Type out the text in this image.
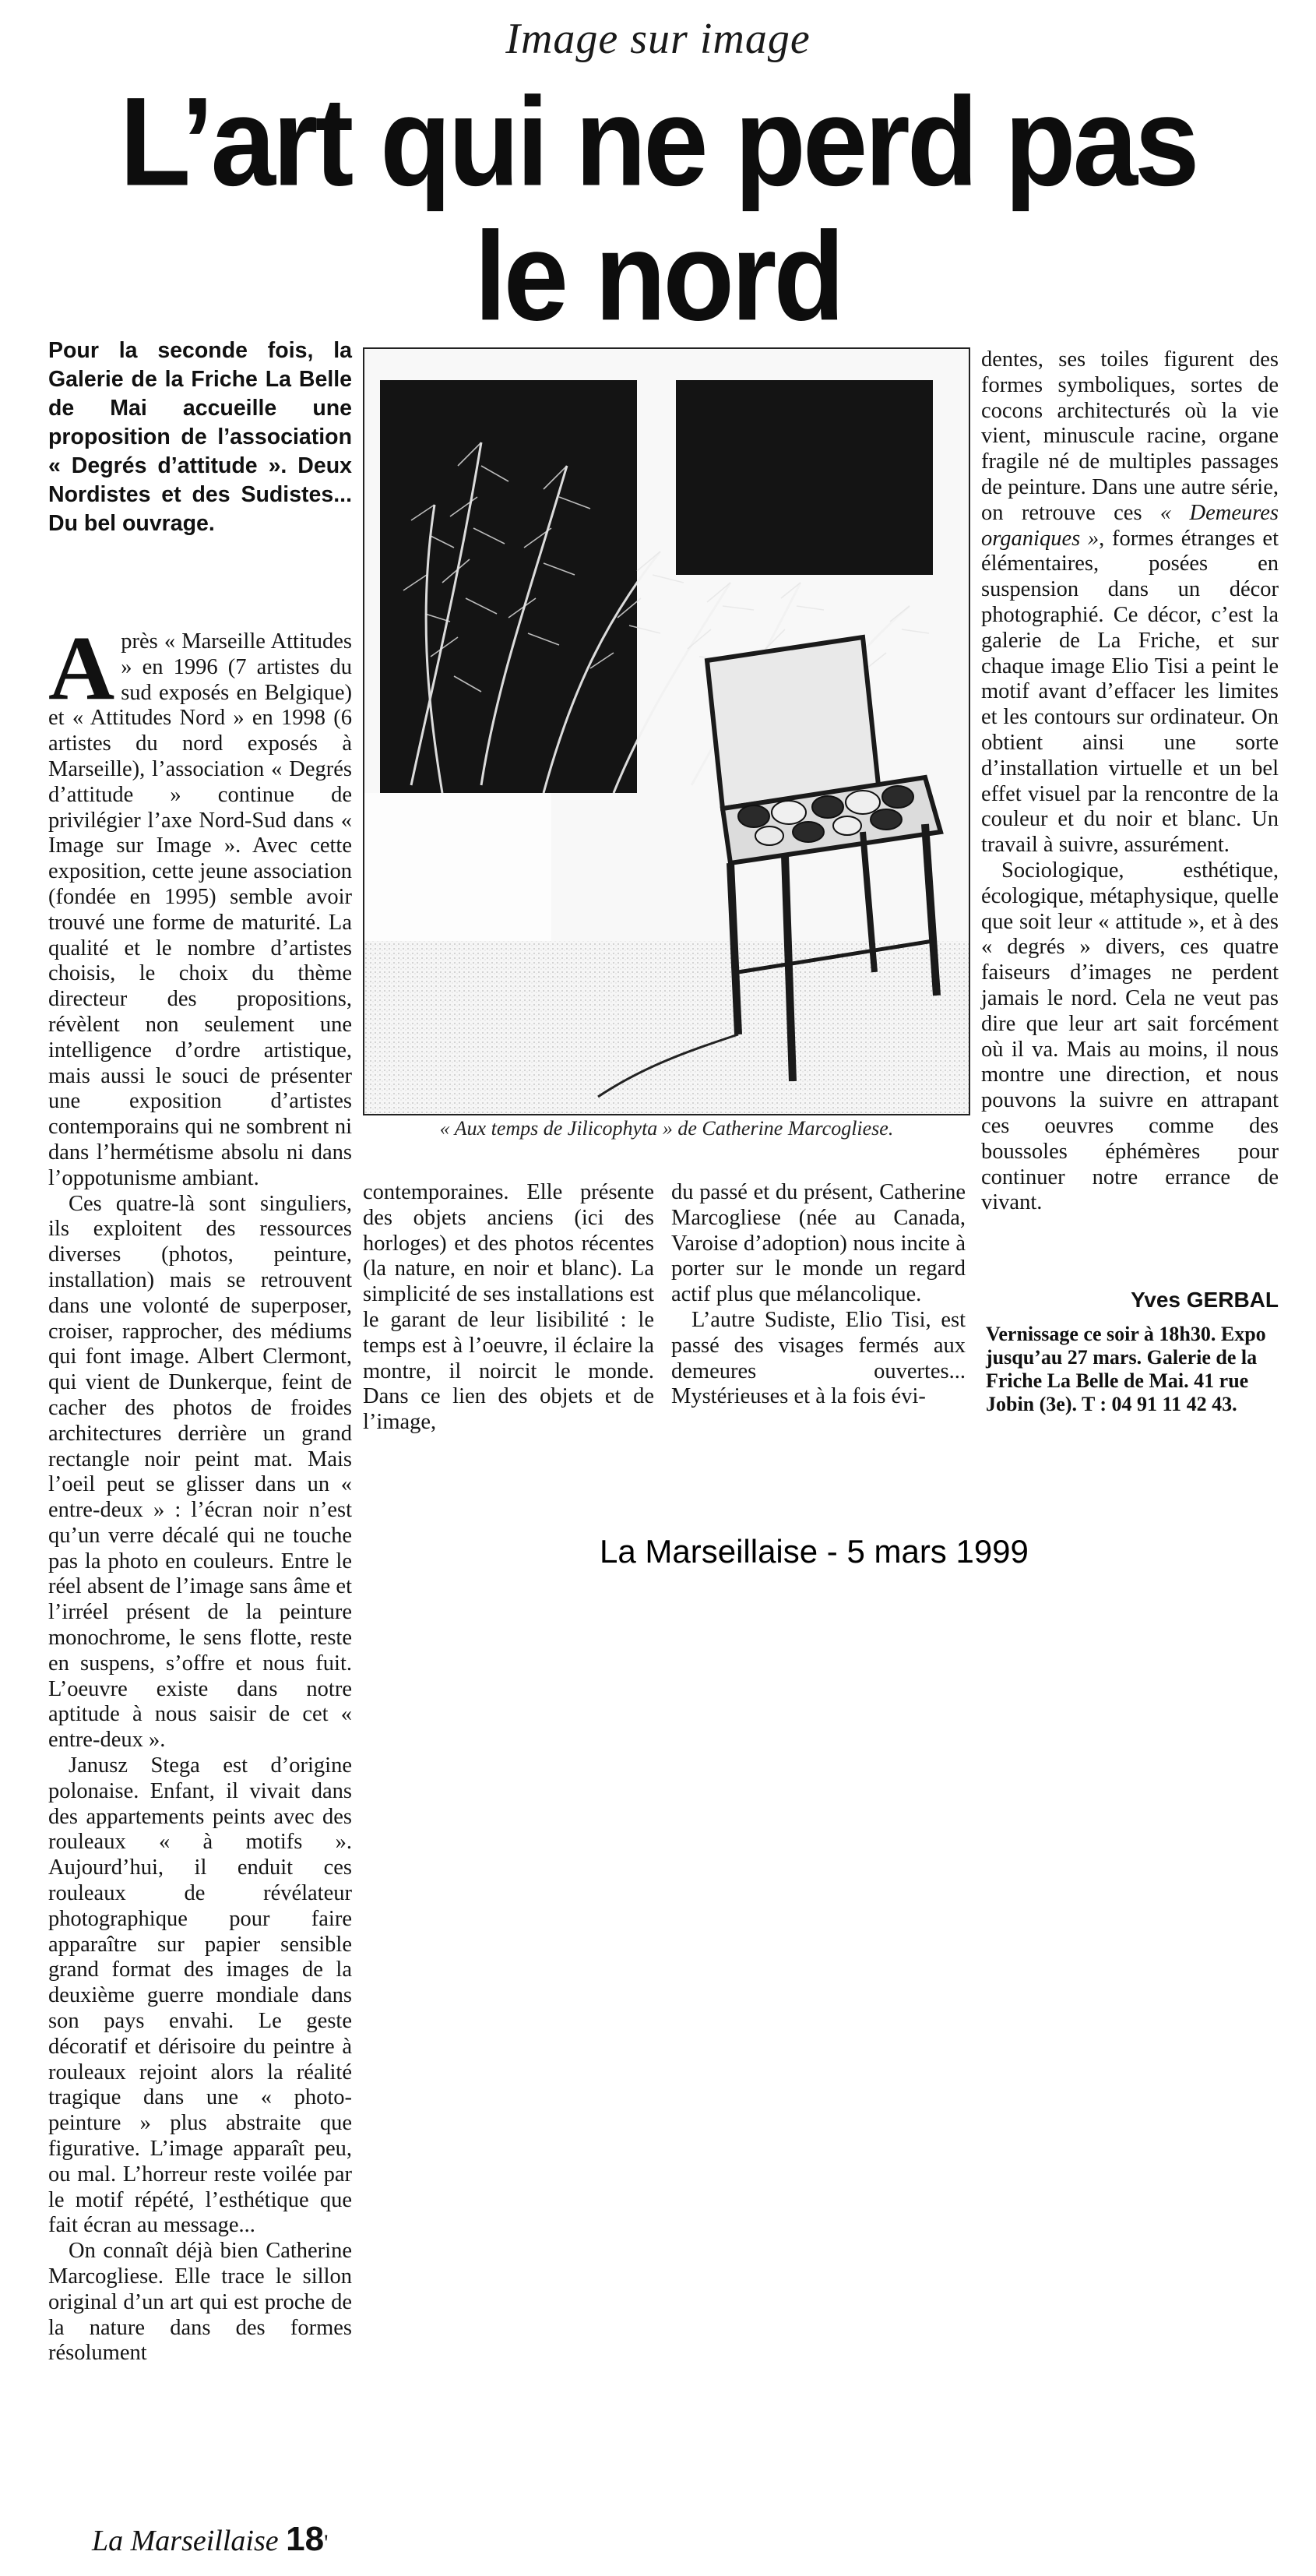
Image sur image
L’art qui ne perd pas
le nord
Pour la seconde fois, la Galerie de la Friche La Belle de Mai accueille une proposition de l’association « Degrés d’attitude ». Deux Nordistes et des Sudistes... Du bel ouvrage.

A près « Marseille Attitudes » en 1996 (7 artistes du sud exposés en Belgique) et « Attitudes Nord » en 1998 (6 artistes du nord exposés à Marseille), l’association « Degrés d’attitude » continue de privilégier l’axe Nord-Sud dans « Image sur Image ». Avec cette exposition, cette jeune association (fondée en 1995) semble avoir trouvé une forme de maturité. La qualité et le nombre d’artistes choisis, le choix du thème directeur des propositions, révèlent non seulement une intelligence d’ordre artistique, mais aussi le souci de présenter une exposition d’artistes contemporains qui ne sombrent ni dans l’hermétisme absolu ni dans l’oppotunisme ambiant.

Ces quatre-là sont singuliers, ils exploitent des ressources diverses (photos, peinture, installation) mais se retrouvent dans une volonté de superposer, croiser, rapprocher, des médiums qui font image. Albert Clermont, qui vient de Dunkerque, feint de cacher des photos de froides architectures derrière un grand rectangle noir peint mat. Mais l’oeil peut se glisser dans un « entre-deux » : l’écran noir n’est qu’un verre décalé qui ne touche pas la photo en couleurs. Entre le réel absent de l’image sans âme et l’irréel présent de la peinture monochrome, le sens flotte, reste en suspens, s’offre et nous fuit. L’oeuvre existe dans notre aptitude à nous saisir de cet « entre-deux ».

Janusz Stega est d’origine polonaise. Enfant, il vivait dans des appartements peints avec des rouleaux « à motifs ». Aujourd’hui, il enduit ces rouleaux de révélateur photographique pour faire apparaître sur papier sensible grand format des images de la deuxième guerre mondiale dans son pays envahi. Le geste décoratif et dérisoire du peintre à rouleaux rejoint alors la réalité tragique dans une « photo-peinture » plus abstraite que figurative. L’image apparaît peu, ou mal. L’horreur reste voilée par le motif répété, l’esthétique que fait écran au message...

On connaît déjà bien Catherine Marcogliese. Elle trace le sillon original d’un art qui est proche de la nature dans des formes résolument

« Aux temps de Jilicophyta » de Catherine Marcogliese.

contemporaines. Elle présente des objets anciens (ici des horloges) et des photos récentes (la nature, en noir et blanc). La simplicité de ses installations est le garant de leur lisibilité : le temps est à l’oeuvre, il éclaire la montre, il noircit le monde. Dans ce lien des objets et de l’image,

du passé et du présent, Catherine Marcogliese (née au Canada, Varoise d’adoption) nous incite à porter sur le monde un regard actif plus que mélancolique.

L’autre Sudiste, Elio Tisi, est passé des visages fermés aux demeures ouvertes... Mystérieuses et à la fois évi-

dentes, ses toiles figurent des formes symboliques, sortes de cocons architecturés où la vie vient, minuscule racine, organe fragile né de multiples passages de peinture. Dans une autre série, on retrouve ces « Demeures organiques », formes étranges et élémentaires, posées en suspension dans un décor photographié. Ce décor, c’est la galerie de La Friche, et sur chaque image Elio Tisi a peint le motif avant d’effacer les limites et les contours sur ordinateur. On obtient ainsi une sorte d’installation virtuelle et un bel effet visuel par la rencontre de la couleur et du noir et blanc. Un travail à suivre, assurément.

Sociologique, esthétique, écologique, métaphysique, quelle que soit leur « attitude », et à des « degrés » divers, ces quatre faiseurs d’images ne perdent jamais le nord. Cela ne veut pas dire que leur art sait forcément où il va. Mais au moins, il nous montre une direction, et nous pouvons la suivre en attrapant ces oeuvres comme des boussoles éphémères pour continuer notre errance de vivant.

Yves GERBAL
Vernissage ce soir à 18h30. Expo jusqu’au 27 mars. Galerie de la Friche La Belle de Mai. 41 rue Jobin (3e). T : 04 91 11 42 43.
La Marseillaise - 5 mars 1999
La Marseillaise 18'
